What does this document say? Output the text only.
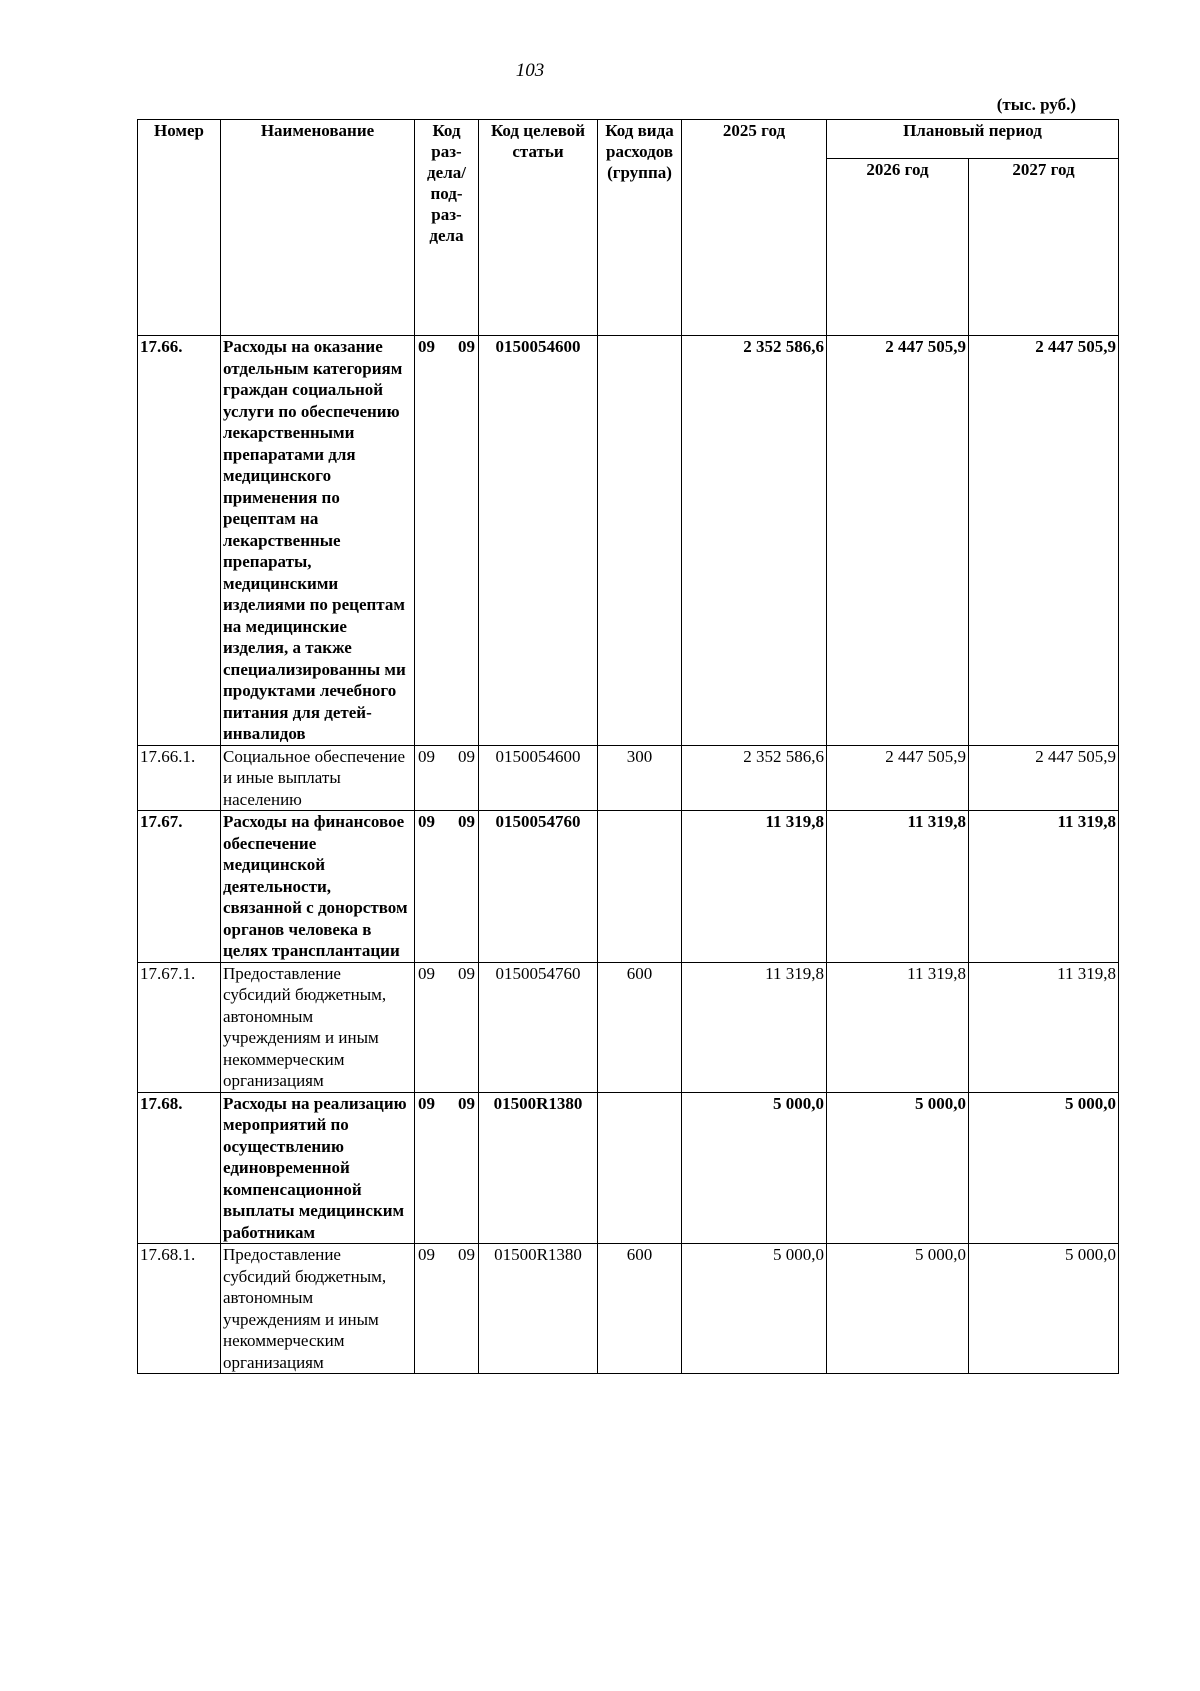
103
(тыс. руб.)
Номер	Наименование	Код раз-дела/ под-раз-дела	Код целевой статьи	Код вида расходов (группа)	2025 год	Плановый период	
						2026 год	2027 год
17.66.	Расходы на оказание отдельным категориям граждан социальной услуги по обеспечению лекарственными препаратами для медицинского применения по рецептам на лекарственные препараты, медицинскими изделиями по рецептам на медицинские изделия, а также специализированны ми продуктами лечебного питания для детей-инвалидов	09 09	0150054600		2 352 586,6	2 447 505,9	2 447 505,9
17.66.1.	Социальное обеспечение и иные выплаты населению	09 09	0150054600	300	2 352 586,6	2 447 505,9	2 447 505,9
17.67.	Расходы на финансовое обеспечение медицинской деятельности, связанной с донорством органов человека в целях трансплантации	09 09	0150054760		11 319,8	11 319,8	11 319,8
17.67.1.	Предоставление субсидий бюджетным, автономным учреждениям и иным некоммерческим организациям	09 09	0150054760	600	11 319,8	11 319,8	11 319,8
17.68.	Расходы на реализацию мероприятий по осуществлению единовременной компенсационной выплаты медицинским работникам	09 09	01500R1380		5 000,0	5 000,0	5 000,0
17.68.1.	Предоставление субсидий бюджетным, автономным учреждениям и иным некоммерческим организациям	09 09	01500R1380	600	5 000,0	5 000,0	5 000,0
